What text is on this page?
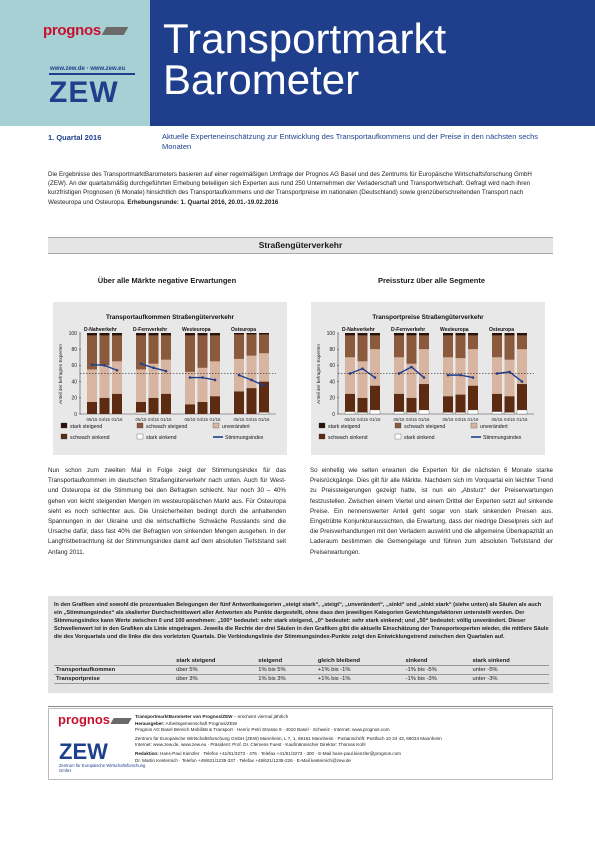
prognos
www.zew.de · www.zew.eu
ZEW
Transportmarkt
Barometer
1. Quartal 2016	Aktuelle Experteneinschätzung zur Entwicklung des Transportaufkommens und der Preise in den nächsten sechs Monaten
Die Ergebnisse des TransportmarktBarometers basieren auf einer regelmäßigen Umfrage der Prognos AG Basel und des Zentrums für Europäische Wirtschaftsforschung GmbH (ZEW). An der quartalsmäßig durchgeführten Erhebung beteiligen sich Experten aus rund 250 Unternehmen der Verladerschaft und Transportwirtschaft. Gefragt wird nach ihren kurzfristigen Prognosen (6 Monate) hinsichtlich des Transportaufkommens und der Transportpreise im nationalen (Deutschland) sowie grenzüberschreitenden Transport nach Westeuropa und Osteuropa. Erhebungsrunde: 1. Quartal 2016, 20.01.-19.02.2016
Straßengüterverkehr
Über alle Märkte negative Erwartungen	Preissturz über alle Segmente
Transportaufkommen Straßengüterverkehr
Anteil der befragten Experten
0
20
40
60
80
100
D-Nahverkehr
05/15 04/15 01/16
D-Fernverkehr
05/15 04/15 01/16
Westeuropa
05/15 04/15 01/16
Osteuropa
05/15 04/15 01/16
stark steigend	schwach steigend	unverändert
schwach sinkend	stark sinkend	Stimmungsindex
Transportpreise Straßengüterverkehr
Anteil der befragten Experten
0
20
40
60
80
100
D-Nahverkehr
05/15 04/15 01/16
D-Fernverkehr
05/15 04/15 01/16
Westeuropa
05/15 04/15 01/16
Osteuropa
05/15 04/15 01/16
stark steigend	schwach steigend	unverändert
schwach sinkend	stark sinkend	Stimmungsindex
Nun schon zum zweiten Mal in Folge zeigt der Stimmungsindex für das Transportaufkommen im deutschen Straßengüterverkehr nach unten. Auch für West- und Osteuropa ist die Stimmung bei den Befragten schlecht. Nur noch 30 – 40% gehen von leicht steigenden Mengen im westeuropäischen Markt aus. Für Osteuropa sieht es noch schlechter aus. Die Unsicherheiten bedingt durch die anhaltenden Spannungen in der Ukraine und die wirtschaftliche Schwäche Russlands sind die Ursache dafür, dass fast 40% der Befragten von sinkenden Mengen ausgehen. In der Langfristbetrachtung ist der Stimmungsindex damit auf dem absoluten Tiefststand seit Anfang 2011.
So einhellig wie selten erwarten die Experten für die nächsten 6 Monate starke Preisrückgänge. Dies gilt für alle Märkte. Nachdem sich im Vorquartal ein leichter Trend zu Preissteigerungen gezeigt hatte, ist nun ein „Absturz“ der Preiserwartungen festzustellen. Zwischen einem Viertel und einem Drittel der Experten setzt auf sinkende Preise. Ein nennenswerter Anteil geht sogar von stark sinkenden Preisen aus. Eingetrübte Konjunkturaussichten, die Erwartung, dass der niedrige Dieselpreis sich auf die Preisverhandlungen mit den Verladern auswirkt und die allgemeine Überkapazität an Laderaum bestimmen die Gemengelage und führen zum absoluten Tiefststand der Preiserwartungen.
In den Grafiken sind sowohl die prozentualen Belegungen der fünf Antwortkategorien „steigt stark“, „steigt“, „unverändert“, „sinkt“ und „sinkt stark“ (siehe unten) als Säulen als auch ein „Stimmungsindex“ als skalierter Durchschnittswert aller Antworten als Punkte dargestellt, ohne dass den jeweiligen Kategorien Gewichtungsfaktoren unterstellt werden. Der Stimmungsindex kann Werte zwischen 0 und 100 annehmen: „100“ bedeutet: sehr stark steigend, „0“ bedeutet: sehr stark sinkend; und „50“ bedeutet: völlig unverändert. Dieser Schwellenwert ist in den Grafiken als Linie eingetragen. Jeweils die Rechte der drei Säulen in den Grafiken gibt die aktuelle Einschätzung der Transportexperten wieder, die mittlere Säule die des Vorquartals und die linke die des vorletzten Quartals. Die Verbindungslinie der Stimmungsindex-Punkte zeigt den Entwicklungstrend zwischen den Quartalen auf.
	stark steigend	steigend	gleich bleibend	sinkend	stark sinkend
Transportaufkommen	über 5%	1% bis 5%	+1% bis -1%	-1% bis -5%	unter -5%
Transportpreise	über 3%	1% bis 3%	+1% bis -1%	-1% bis -3%	unter -3%
prognos
ZEW
Zentrum für Europäische Wirtschaftsforschung GmbH
TransportmarktBarometer von Prognos/ZEW – erscheint viermal jährlich
Herausgeber: Arbeitsgemeinschaft Prognos/ZEW
Prognos AG Basel Bereich Mobilität & Transport · Henric Petri Strasse 9 · 4010 Basel · Schweiz · Internet: www.prognos.com
Zentrum für Europäische Wirtschaftsforschung GmbH (ZEW) Mannheim, L 7, 1, 68161 Mannheim · Postanschrift: Postfach 10 34 43, 68034 Mannheim
Internet: www.zew.de, www.zew.eu · Präsident: Prof. Dr. Clemens Fuest · Kaufmännischer Direktor: Thomas Kohl
Redaktion: Hans-Paul Kienzler · Telefon +41/61/3273 - 476 · Telefax +41/61/3273 - 300 · E-Mail hans-paul.kienzler@prognos.com
Dr. Martin Kesternich · Telefon +49/621/1235-337 · Telefax +49/621/1235-226 · E-Mail kesternich@zew.de
